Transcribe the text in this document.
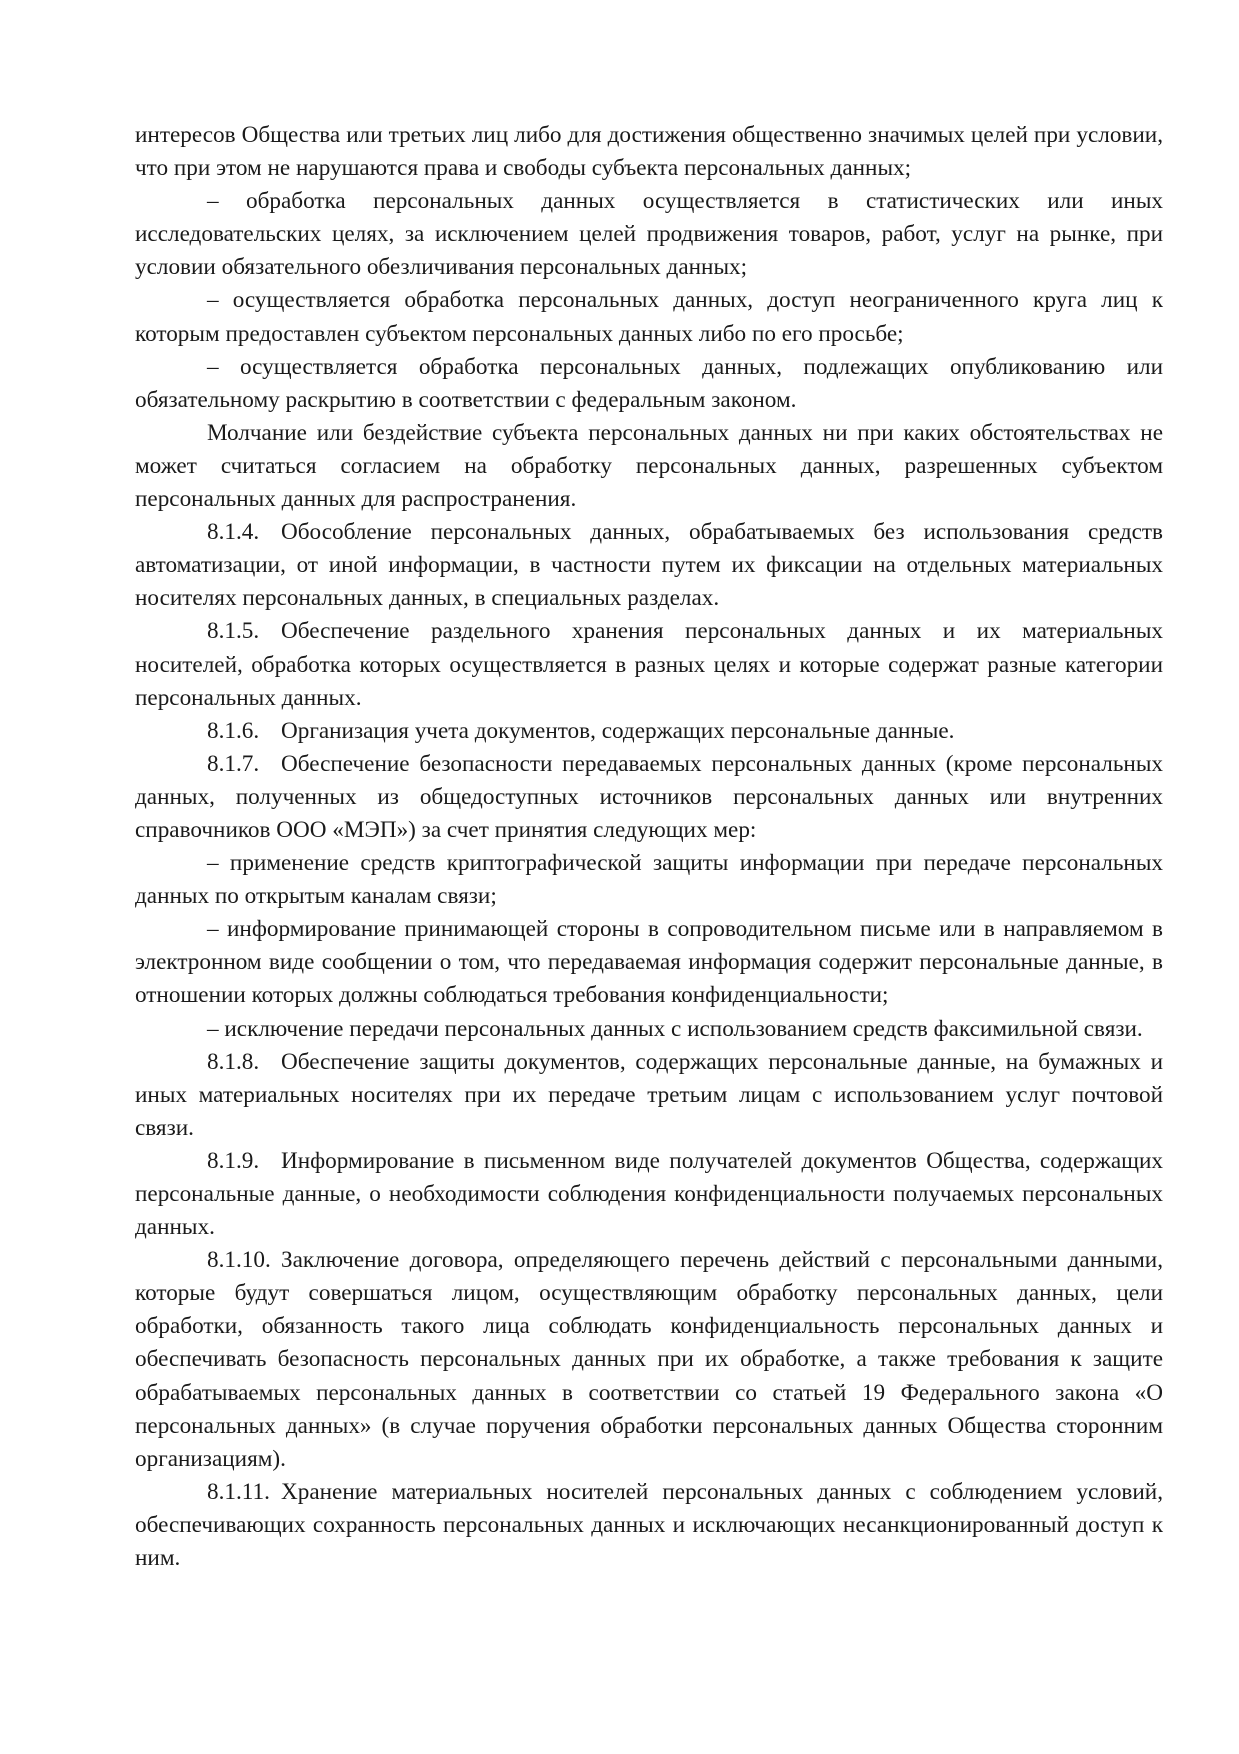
интересов Общества или третьих лиц либо для достижения общественно значимых целей при условии, что при этом не нарушаются права и свободы субъекта персональных данных;

– обработка персональных данных осуществляется в статистических или иных исследовательских целях, за исключением целей продвижения товаров, работ, услуг на рынке, при условии обязательного обезличивания персональных данных;

– осуществляется обработка персональных данных, доступ неограниченного круга лиц к которым предоставлен субъектом персональных данных либо по его просьбе;

– осуществляется обработка персональных данных, подлежащих опубликованию или обязательному раскрытию в соответствии с федеральным законом.

Молчание или бездействие субъекта персональных данных ни при каких обстоятельствах не может считаться согласием на обработку персональных данных, разрешенных субъектом персональных данных для распространения.

8.1.4. Обособление персональных данных, обрабатываемых без использования средств автоматизации, от иной информации, в частности путем их фиксации на отдельных материальных носителях персональных данных, в специальных разделах.

8.1.5. Обеспечение раздельного хранения персональных данных и их материальных носителей, обработка которых осуществляется в разных целях и которые содержат разные категории персональных данных.

8.1.6. Организация учета документов, содержащих персональные данные.

8.1.7. Обеспечение безопасности передаваемых персональных данных (кроме персональных данных, полученных из общедоступных источников персональных данных или внутренних справочников ООО «МЭП») за счет принятия следующих мер:

– применение средств криптографической защиты информации при передаче персональных данных по открытым каналам связи;

– информирование принимающей стороны в сопроводительном письме или в направляемом в электронном виде сообщении о том, что передаваемая информация содержит персональные данные, в отношении которых должны соблюдаться требования конфиденциальности;

– исключение передачи персональных данных с использованием средств факсимильной связи.

8.1.8. Обеспечение защиты документов, содержащих персональные данные, на бумажных и иных материальных носителях при их передаче третьим лицам с использованием услуг почтовой связи.

8.1.9. Информирование в письменном виде получателей документов Общества, содержащих персональные данные, о необходимости соблюдения конфиденциальности получаемых персональных данных.

8.1.10. Заключение договора, определяющего перечень действий с персональными данными, которые будут совершаться лицом, осуществляющим обработку персональных данных, цели обработки, обязанность такого лица соблюдать конфиденциальность персональных данных и обеспечивать безопасность персональных данных при их обработке, а также требования к защите обрабатываемых персональных данных в соответствии со статьей 19 Федерального закона «О персональных данных» (в случае поручения обработки персональных данных Общества сторонним организациям).

8.1.11. Хранение материальных носителей персональных данных с соблюдением условий, обеспечивающих сохранность персональных данных и исключающих несанкционированный доступ к ним.
